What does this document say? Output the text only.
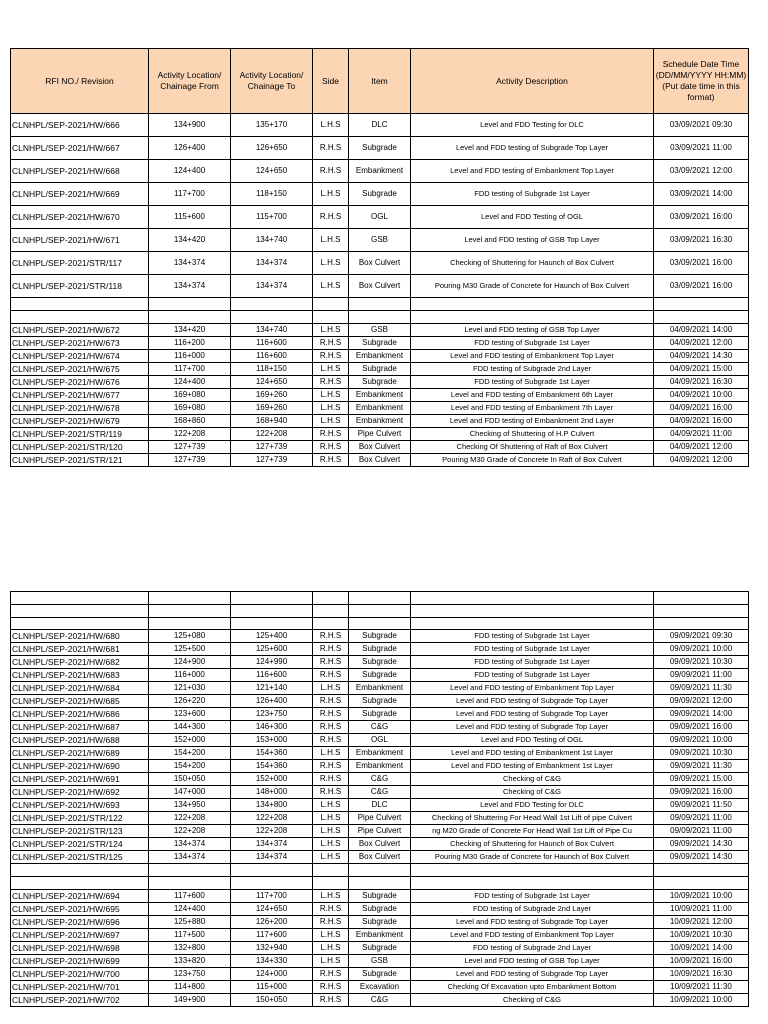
RFI NO./ Revision	Activity Location/ Chainage From	Activity Location/ Chainage To	Side	Item	Activity Description	Schedule Date Time (DD/MM/YYYY HH:MM) (Put date time in this format)
CLNHPL/SEP-2021/HW/666	134+900	135+170	L.H.S	DLC	Level and FDD Testing for DLC	03/09/2021 09:30
CLNHPL/SEP-2021/HW/667	126+400	126+650	R.H.S	Subgrade	Level and FDD testing of Subgrade Top Layer	03/09/2021 11:00
CLNHPL/SEP-2021/HW/668	124+400	124+650	R.H.S	Embankment	Level and FDD testing of Embankment Top Layer	03/09/2021 12:00
CLNHPL/SEP-2021/HW/669	117+700	118+150	L.H.S	Subgrade	FDD testing of Subgrade 1st Layer	03/09/2021 14:00
CLNHPL/SEP-2021/HW/670	115+600	115+700	R.H.S	OGL	Level and FDD Testing of OGL	03/09/2021 16:00
CLNHPL/SEP-2021/HW/671	134+420	134+740	L.H.S	GSB	Level and FDD testing of GSB Top Layer	03/09/2021 16:30
CLNHPL/SEP-2021/STR/117	134+374	134+374	L.H.S	Box Culvert	Checking of Shuttering for Haunch of Box Culvert	03/09/2021 16:00
CLNHPL/SEP-2021/STR/118	134+374	134+374	L.H.S	Box Culvert	Pouring M30 Grade of Concrete for Haunch of Box Culvert	03/09/2021 16:00

CLNHPL/SEP-2021/HW/672	134+420	134+740	L.H.S	GSB	Level and FDD testing of GSB Top Layer	04/09/2021 14:00
CLNHPL/SEP-2021/HW/673	116+200	116+600	R.H.S	Subgrade	FDD testing of Subgrade 1st Layer	04/09/2021 12:00
CLNHPL/SEP-2021/HW/674	116+000	116+600	R.H.S	Embankment	Level and FDD testing of Embankment Top Layer	04/09/2021 14:30
CLNHPL/SEP-2021/HW/675	117+700	118+150	L.H.S	Subgrade	FDD testing of Subgrade 2nd Layer	04/09/2021 15:00
CLNHPL/SEP-2021/HW/676	124+400	124+650	R.H.S	Subgrade	FDD testing of Subgrade 1st Layer	04/09/2021 16:30
CLNHPL/SEP-2021/HW/677	169+080	169+260	L.H.S	Embankment	Level and FDD testing of Embankment 6th Layer	04/09/2021 10:00
CLNHPL/SEP-2021/HW/678	169+080	169+260	L.H.S	Embankment	Level and FDD testing of Embankment 7th Layer	04/09/2021 16:00
CLNHPL/SEP-2021/HW/679	168+860	168+940	L.H.S	Embankment	Level and FDD testing of Embankment 2nd Layer	04/09/2021 16:00
CLNHPL/SEP-2021/STR/119	122+208	122+208	R.H.S	Pipe Culvert	Checking of Shuttering of H.P Culvert	04/09/2021 11:00
CLNHPL/SEP-2021/STR/120	127+739	127+739	R.H.S	Box Culvert	Checking Of Shuttering of Raft of Box Culvert	04/09/2021 12:00
CLNHPL/SEP-2021/STR/121	127+739	127+739	R.H.S	Box Culvert	Pouring M30 Grade of Concrete In Raft of Box Culvert	04/09/2021 12:00

CLNHPL/SEP-2021/HW/680	125+080	125+400	R.H.S	Subgrade	FDD testing of Subgrade 1st Layer	09/09/2021 09:30
CLNHPL/SEP-2021/HW/681	125+500	125+600	R.H.S	Subgrade	FDD testing of Subgrade 1st Layer	09/09/2021 10:00
CLNHPL/SEP-2021/HW/682	124+900	124+990	R.H.S	Subgrade	FDD testing of Subgrade 1st Layer	09/09/2021 10:30
CLNHPL/SEP-2021/HW/683	116+000	116+600	R.H.S	Subgrade	FDD testing of Subgrade 1st Layer	09/09/2021 11:00
CLNHPL/SEP-2021/HW/684	121+030	121+140	L.H.S	Embankment	Level and FDD testing of Embankment Top Layer	09/09/2021 11:30
CLNHPL/SEP-2021/HW/685	126+220	126+400	R.H.S	Subgrade	Level and FDD testing of Subgrade Top Layer	09/09/2021 12:00
CLNHPL/SEP-2021/HW/686	123+600	123+750	R.H.S	Subgrade	Level and FDD testing of Subgrade Top Layer	09/09/2021 14:00
CLNHPL/SEP-2021/HW/687	144+300	146+300	R.H.S	C&G	Level and FDD testing of Subgrade Top Layer	09/09/2021 16:00
CLNHPL/SEP-2021/HW/688	152+000	153+000	R.H.S	OGL	Level and FDD Testing of OGL	09/09/2021 10:00
CLNHPL/SEP-2021/HW/689	154+200	154+360	L.H.S	Embankment	Level and FDD testing of Embankment 1st Layer	09/09/2021 10:30
CLNHPL/SEP-2021/HW/690	154+200	154+360	R.H.S	Embankment	Level and FDD testing of Embankment 1st Layer	09/09/2021 11:30
CLNHPL/SEP-2021/HW/691	150+050	152+000	R.H.S	C&G	Checking of C&G	09/09/2021 15:00
CLNHPL/SEP-2021/HW/692	147+000	148+000	R.H.S	C&G	Checking of C&G	09/09/2021 16:00
CLNHPL/SEP-2021/HW/693	134+950	134+800	L.H.S	DLC	Level and FDD Testing for DLC	09/09/2021 11:50
CLNHPL/SEP-2021/STR/122	122+208	122+208	L.H.S	Pipe Culvert	Checking of Shuttering For Head Wall 1st Lift of pipe Culvert	09/09/2021 11:00
CLNHPL/SEP-2021/STR/123	122+208	122+208	L.H.S	Pipe Culvert	ng M20 Grade of Concrete For Head Wall 1st Lift of Pipe Cu	09/09/2021 11:00
CLNHPL/SEP-2021/STR/124	134+374	134+374	L.H.S	Box Culvert	Checking of Shuttering for Haunch of Box Culvert	09/09/2021 14:30
CLNHPL/SEP-2021/STR/125	134+374	134+374	L.H.S	Box Culvert	Pouring M30 Grade of Concrete for Haunch of Box Culvert	09/09/2021 14:30

CLNHPL/SEP-2021/HW/694	117+600	117+700	L.H.S	Subgrade	FDD testing of Subgrade 1st Layer	10/09/2021 10:00
CLNHPL/SEP-2021/HW/695	124+400	124+650	R.H.S	Subgrade	FDD testing of Subgrade 2nd Layer	10/09/2021 11:00
CLNHPL/SEP-2021/HW/696	125+880	126+200	R.H.S	Subgrade	Level and FDD testing of Subgrade Top Layer	10/09/2021 12:00
CLNHPL/SEP-2021/HW/697	117+500	117+600	L.H.S	Embankment	Level and FDD testing of Embankment Top Layer	10/09/2021 10:30
CLNHPL/SEP-2021/HW/698	132+800	132+940	L.H.S	Subgrade	FDD testing of Subgrade 2nd Layer	10/09/2021 14:00
CLNHPL/SEP-2021/HW/699	133+820	134+330	L.H.S	GSB	Level and FDD testing of GSB Top Layer	10/09/2021 16:00
CLNHPL/SEP-2021/HW/700	123+750	124+000	R.H.S	Subgrade	Level and FDD testing of Subgrade Top Layer	10/09/2021 16:30
CLNHPL/SEP-2021/HW/701	114+800	115+000	R.H.S	Excavation	Checking Of Excavation upto Embankment Bottom	10/09/2021 11:30
CLNHPL/SEP-2021/HW/702	149+900	150+050	R.H.S	C&G	Checking of C&G	10/09/2021 10:00
